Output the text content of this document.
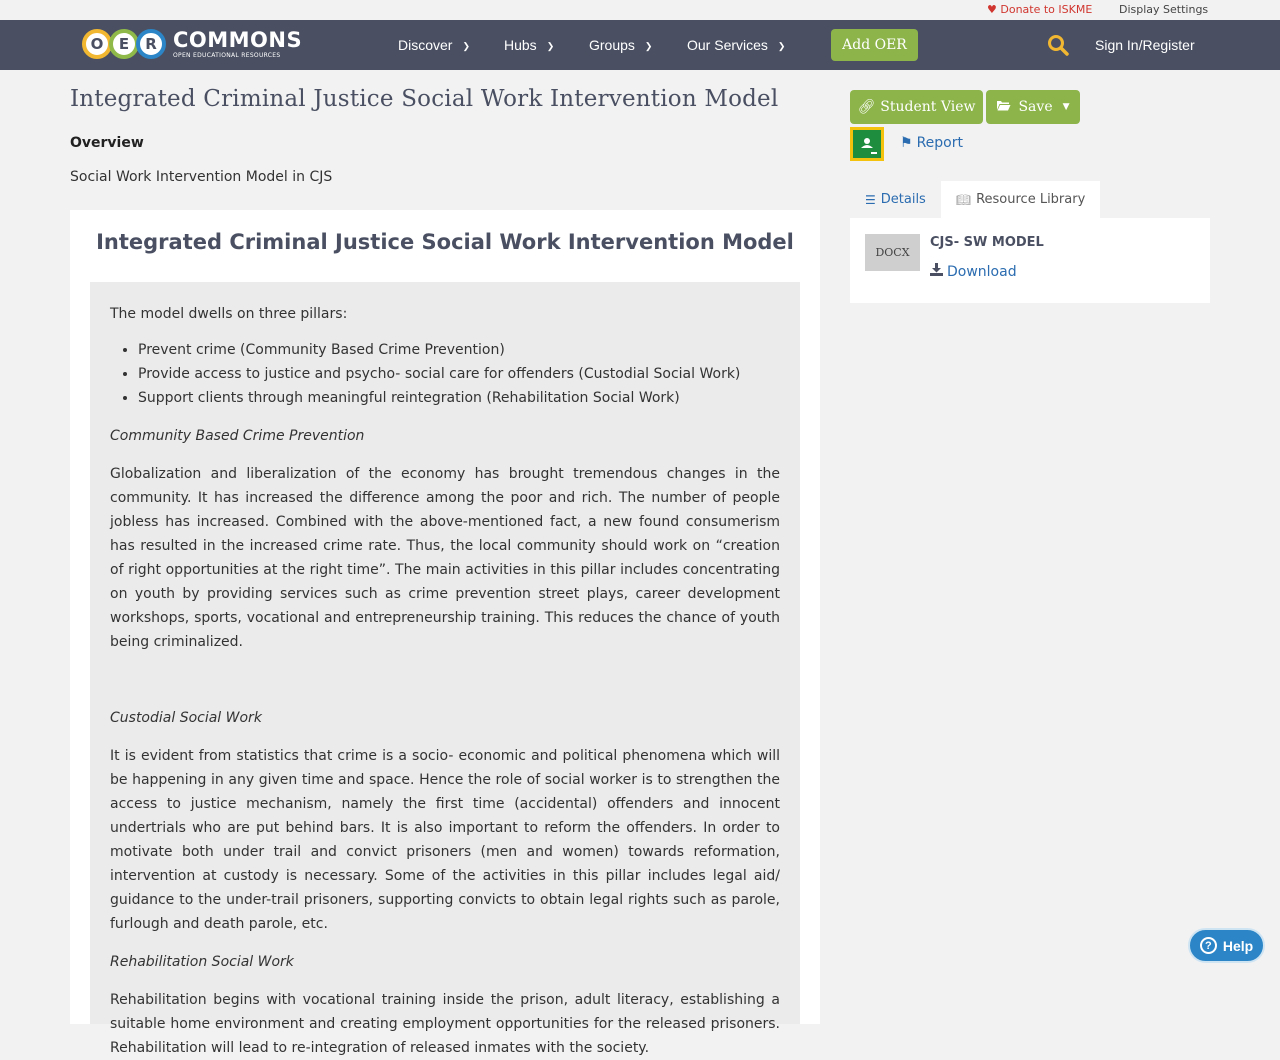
♥ Donate to ISKME Display Settings
O	E	R COMMONS
OPEN EDUCATIONAL RESOURCES
Discover ❯ Hubs ❯ Groups ❯ Our Services ❯	Add OER	Sign In/Register
Integrated Criminal Justice Social Work Intervention Model
Overview
Social Work Intervention Model in CJS
Integrated Criminal Justice Social Work Intervention Model

The model dwells on three pillars:

• Prevent crime (Community Based Crime Prevention)
• Provide access to justice and psycho- social care for offenders (Custodial Social Work)
• Support clients through meaningful reintegration (Rehabilitation Social Work)

Community Based Crime Prevention

Globalization and liberalization of the economy has brought tremendous changes in the community. It has increased the difference among the poor and rich. The number of people jobless has increased. Combined with the above-mentioned fact, a new found consumerism has resulted in the increased crime rate. Thus, the local community should work on “creation of right opportunities at the right time”. The main activities in this pillar includes concentrating on youth by providing services such as crime prevention street plays, career development workshops, sports, vocational and entrepreneurship training. This reduces the chance of youth being criminalized.

Custodial Social Work

It is evident from statistics that crime is a socio- economic and political phenomena which will be happening in any given time and space. Hence the role of social worker is to strengthen the access to justice mechanism, namely the first time (accidental) offenders and innocent undertrials who are put behind bars. It is also important to reform the offenders. In order to motivate both under trail and convict prisoners (men and women) towards reformation, intervention at custody is necessary. Some of the activities in this pillar includes legal aid/ guidance to the under-trail prisoners, supporting convicts to obtain legal rights such as parole, furlough and death parole, etc.

Rehabilitation Social Work

Rehabilitation begins with vocational training inside the prison, adult literacy, establishing a suitable home environment and creating employment opportunities for the released prisoners. Rehabilitation will lead to re-integration of released inmates with the society.

🔗︎ Student View	Save ▼
⚑ Report
☰ Details	📖︎ Resource Library
DOCX
CJS- SW MODEL
Download
? Help
